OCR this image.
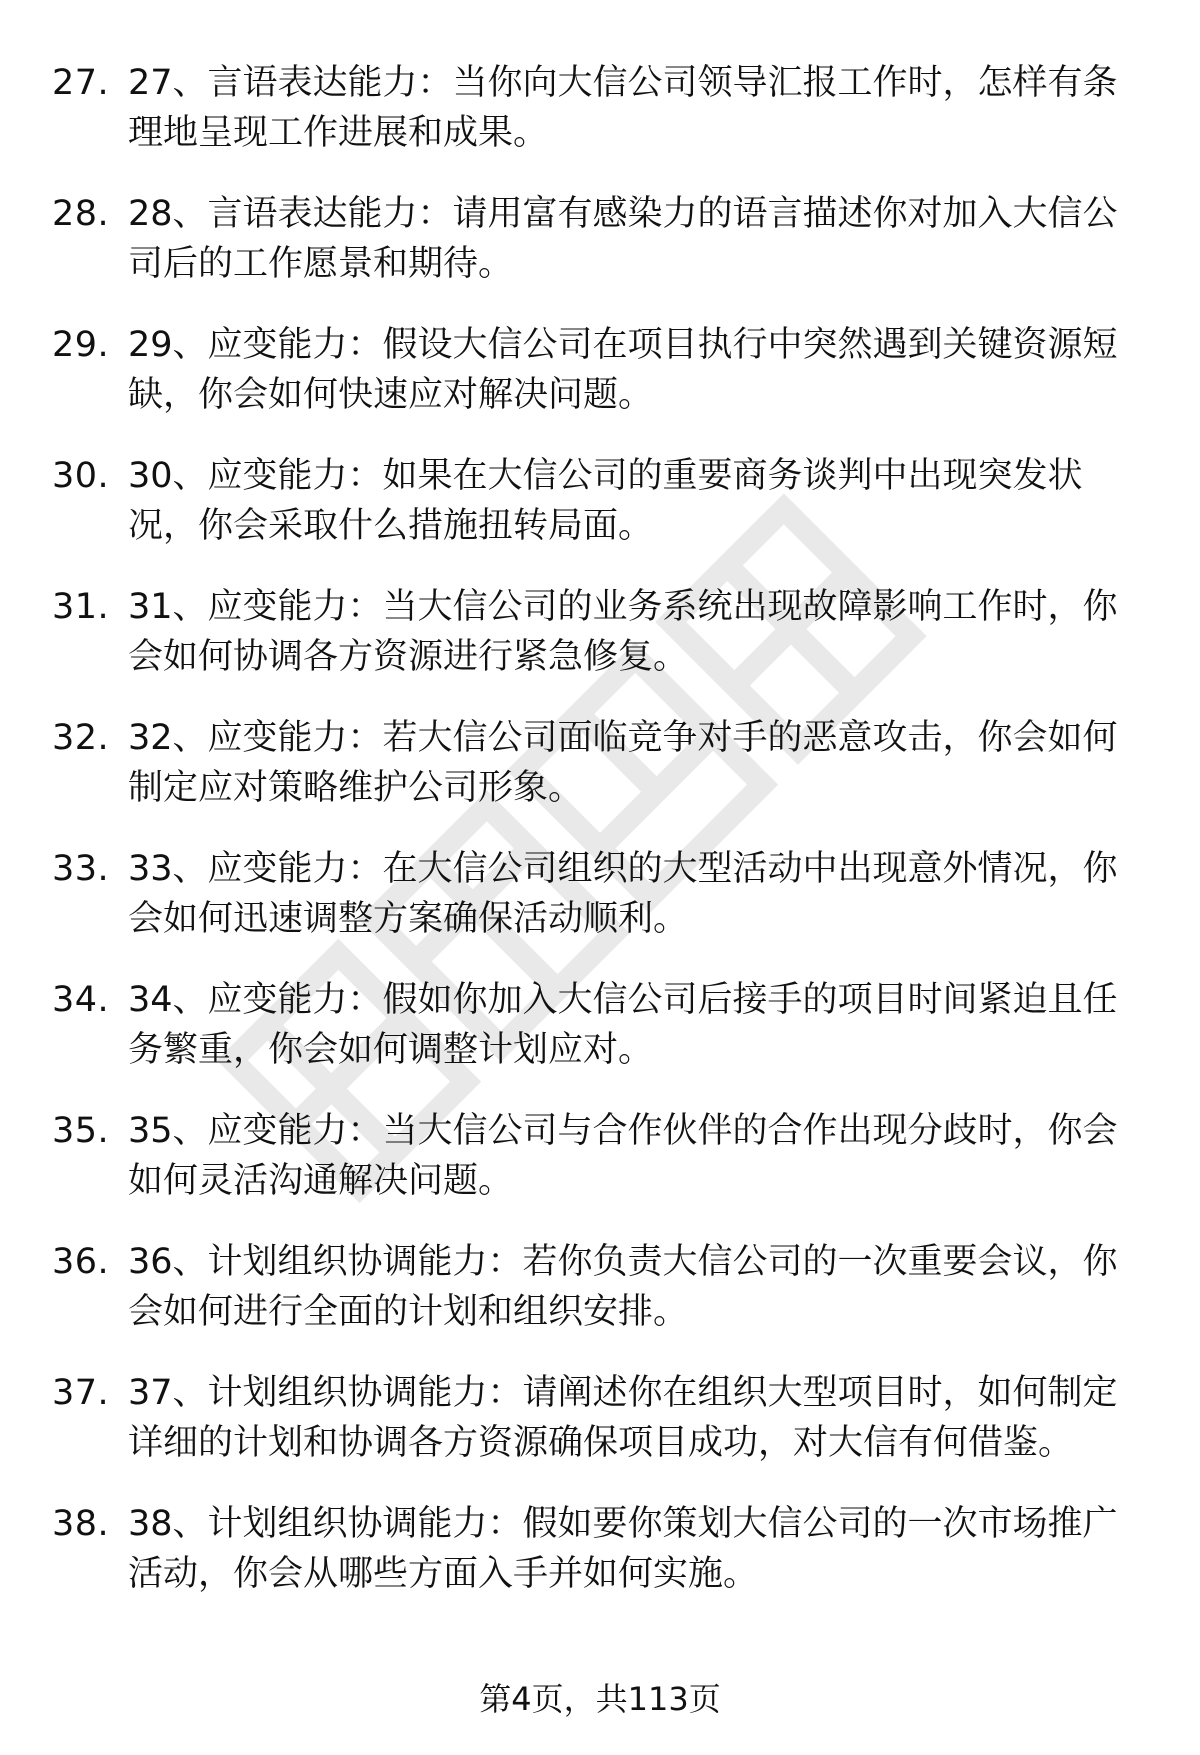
27. 27、言语表达能力：当你向大信公司领导汇报工作时，怎样有条理地呈现工作进展和成果。
28. 28、言语表达能力：请用富有感染力的语言描述你对加入大信公司后的工作愿景和期待。
29. 29、应变能力：假设大信公司在项目执行中突然遇到关键资源短缺，你会如何快速应对解决问题。
30. 30、应变能力：如果在大信公司的重要商务谈判中出现突发状况，你会采取什么措施扭转局面。
31. 31、应变能力：当大信公司的业务系统出现故障影响工作时，你会如何协调各方资源进行紧急修复。
32. 32、应变能力：若大信公司面临竞争对手的恶意攻击，你会如何制定应对策略维护公司形象。
33. 33、应变能力：在大信公司组织的大型活动中出现意外情况，你会如何迅速调整方案确保活动顺利。
34. 34、应变能力：假如你加入大信公司后接手的项目时间紧迫且任务繁重，你会如何调整计划应对。
35. 35、应变能力：当大信公司与合作伙伴的合作出现分歧时，你会如何灵活沟通解决问题。
36. 36、计划组织协调能力：若你负责大信公司的一次重要会议，你会如何进行全面的计划和组织安排。
37. 37、计划组织协调能力：请阐述你在组织大型项目时，如何制定详细的计划和协调各方资源确保项目成功，对大信有何借鉴。
38. 38、计划组织协调能力：假如要你策划大信公司的一次市场推广活动，你会从哪些方面入手并如何实施。
第4页，共113页
